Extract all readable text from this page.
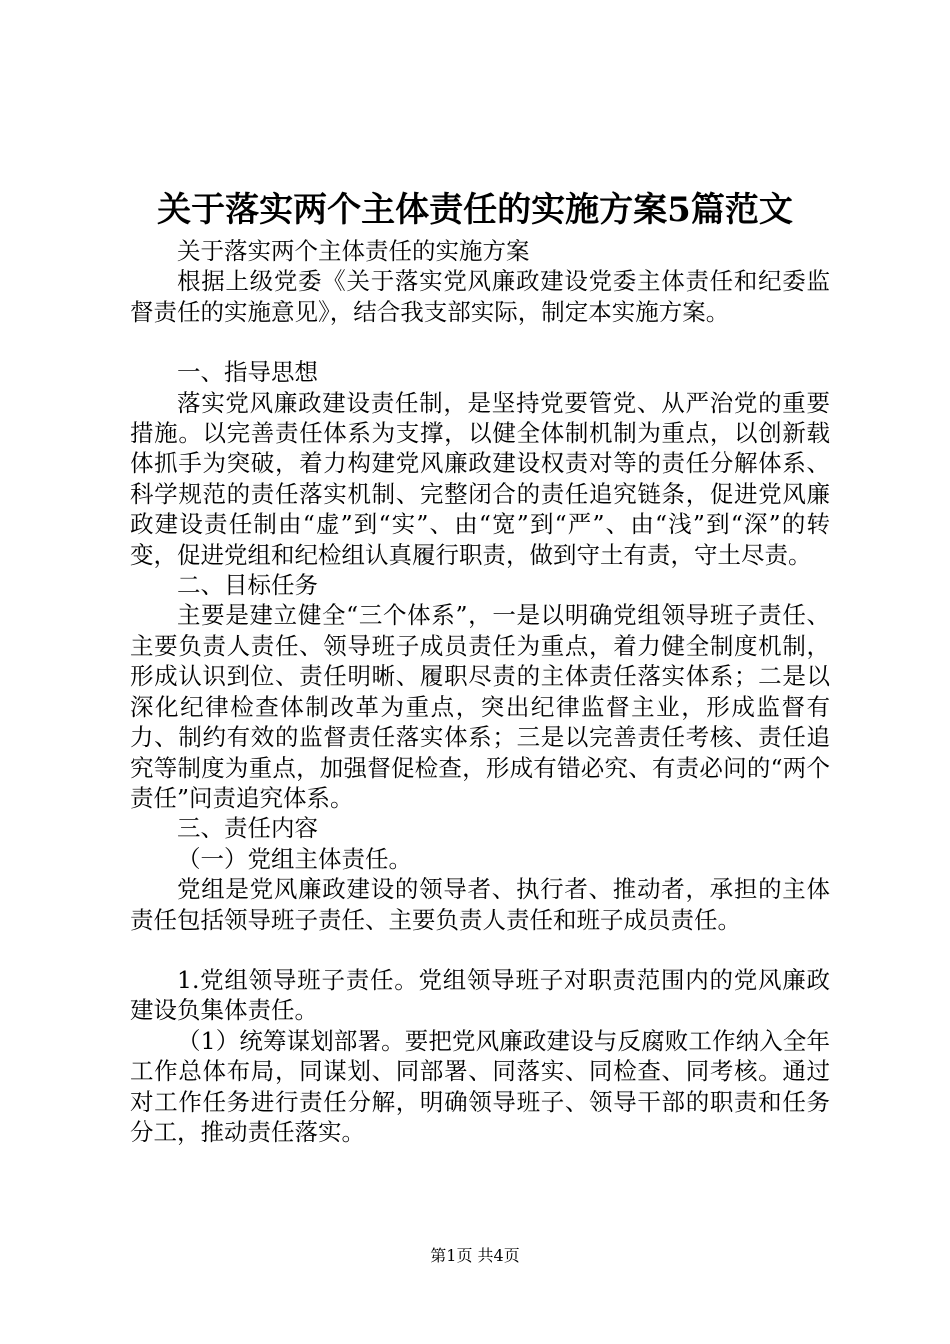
关于落实两个主体责任的实施方案5篇范文

关于落实两个主体责任的实施方案

根据上级党委《关于落实党风廉政建设党委主体责任和纪委监督责任的实施意见》，结合我支部实际，制定本实施方案。

一、指导思想

落实党风廉政建设责任制，是坚持党要管党、从严治党的重要措施。以完善责任体系为支撑，以健全体制机制为重点，以创新载体抓手为突破，着力构建党风廉政建设权责对等的责任分解体系、科学规范的责任落实机制、完整闭合的责任追究链条，促进党风廉政建设责任制由“虚”到“实”、由“宽”到“严”、由“浅”到“深”的转变，促进党组和纪检组认真履行职责，做到守土有责，守土尽责。

二、目标任务

主要是建立健全“三个体系”，一是以明确党组领导班子责任、主要负责人责任、领导班子成员责任为重点，着力健全制度机制，形成认识到位、责任明晰、履职尽责的主体责任落实体系；二是以深化纪律检查体制改革为重点，突出纪律监督主业，形成监督有力、制约有效的监督责任落实体系；三是以完善责任考核、责任追究等制度为重点，加强督促检查，形成有错必究、有责必问的“两个责任”问责追究体系。

三、责任内容

（一）党组主体责任。

党组是党风廉政建设的领导者、执行者、推动者，承担的主体责任包括领导班子责任、主要负责人责任和班子成员责任。

1.党组领导班子责任。党组领导班子对职责范围内的党风廉政建设负集体责任。

（1）统筹谋划部署。要把党风廉政建设与反腐败工作纳入全年工作总体布局，同谋划、同部署、同落实、同检查、同考核。通过对工作任务进行责任分解，明确领导班子、领导干部的职责和任务分工，推动责任落实。

第1页 共4页
